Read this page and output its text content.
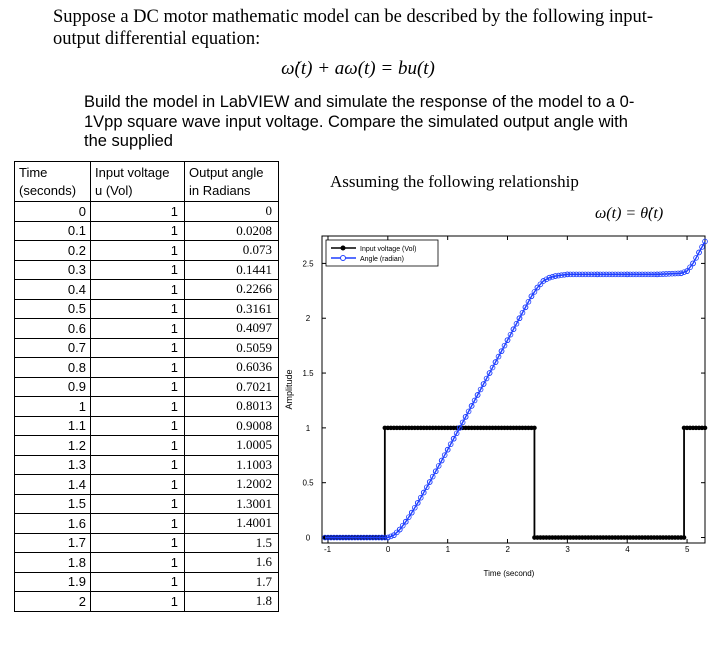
Suppose a DC motor mathematic model can be described by the following input-output differential equation:
ω̇(t) + aω(t) = bu(t)
Build the model in LabVIEW and simulate the response of the model to a 0-1Vpp square wave input voltage. Compare the simulated output angle with the supplied
Time (seconds)	Input voltage u (Vol)	Output angle in Radians
0	1	0
0.1	1	0.0208
0.2	1	0.073
0.3	1	0.1441
0.4	1	0.2266
0.5	1	0.3161
0.6	1	0.4097
0.7	1	0.5059
0.8	1	0.6036
0.9	1	0.7021
1	1	0.8013
1.1	1	0.9008
1.2	1	1.0005
1.3	1	1.1003
1.4	1	1.2002
1.5	1	1.3001
1.6	1	1.4001
1.7	1	1.5
1.8	1	1.6
1.9	1	1.7
2	1	1.8
Assuming the following relationship
ω(t) = θ̇(t)
-1	0	1	2	3	4	5
0
0.5
1
1.5
2
2.5
Time (second)
Amplitude
Input voltage (Vol)
Angle (radian)
